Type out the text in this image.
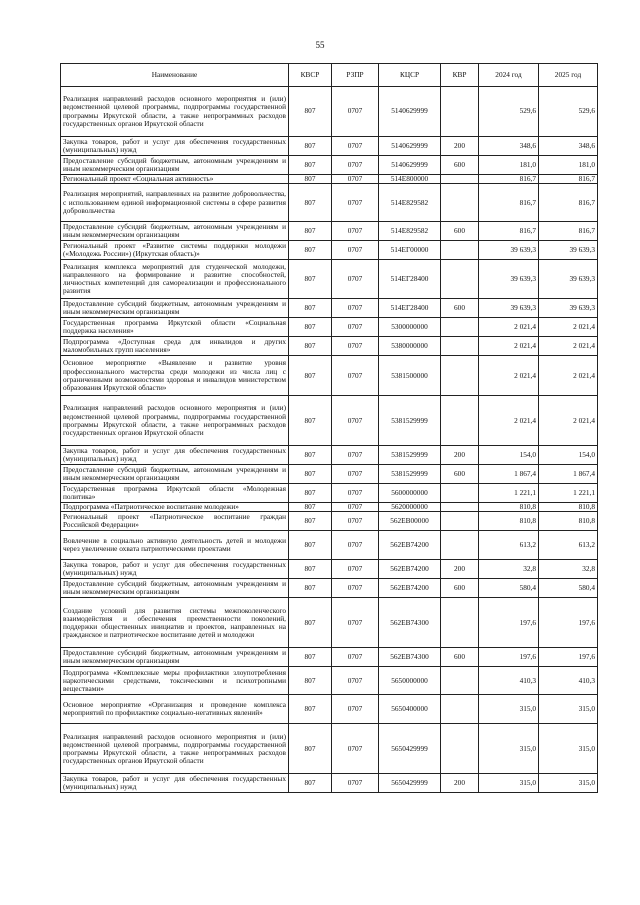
55
Наименование	КВСР	РЗПР	КЦСР	КВР	2024 год	2025 год
Реализация направлений расходов основного мероприятия и (или) ведомственной целевой программы, подпрограммы государственной программы Иркутской области, а также непрограммных расходов государственных органов Иркутской области	807	0707	5140629999		529,6	529,6
Закупка товаров, работ и услуг для обеспечения государственных (муниципальных) нужд	807	0707	5140629999	200	348,6	348,6
Предоставление субсидий бюджетным, автономным учреждениям и иным некоммерческим организациям	807	0707	5140629999	600	181,0	181,0
Региональный проект «Социальная активность»	807	0707	514Е800000		816,7	816,7
Реализация мероприятий, направленных на развитие добровольчества, с использованием единой информационной системы в сфере развития добровольчества	807	0707	514Е829582		816,7	816,7
Предоставление субсидий бюджетным, автономным учреждениям и иным некоммерческим организациям	807	0707	514Е829582	600	816,7	816,7
Региональный проект «Развитие системы поддержки молодежи («Молодежь России») (Иркутская область)»	807	0707	514ЕГ00000		39 639,3	39 639,3
Реализация комплекса мероприятий для студенческой молодежи, направленного на формирование и развитие способностей, личностных компетенций для самореализации и профессионального развития	807	0707	514ЕГ28400		39 639,3	39 639,3
Предоставление субсидий бюджетным, автономным учреждениям и иным некоммерческим организациям	807	0707	514ЕГ28400	600	39 639,3	39 639,3
Государственная программа Иркутской области «Социальная поддержка населения»	807	0707	5300000000		2 021,4	2 021,4
Подпрограмма «Доступная среда для инвалидов и других маломобильных групп населения»	807	0707	5380000000		2 021,4	2 021,4
Основное мероприятие «Выявление и развитие уровня профессионального мастерства среди молодежи из числа лиц с ограниченными возможностями здоровья и инвалидов министерством образования Иркутской области»	807	0707	5381500000		2 021,4	2 021,4
Реализация направлений расходов основного мероприятия и (или) ведомственной целевой программы, подпрограммы государственной программы Иркутской области, а также непрограммных расходов государственных органов Иркутской области	807	0707	5381529999		2 021,4	2 021,4
Закупка товаров, работ и услуг для обеспечения государственных (муниципальных) нужд	807	0707	5381529999	200	154,0	154,0
Предоставление субсидий бюджетным, автономным учреждениям и иным некоммерческим организациям	807	0707	5381529999	600	1 867,4	1 867,4
Государственная программа Иркутской области «Молодежная политика»	807	0707	5600000000		1 221,1	1 221,1
Подпрограмма «Патриотическое воспитание молодежи»	807	0707	5620000000		810,8	810,8
Региональный проект «Патриотическое воспитание граждан Российской Федерации»	807	0707	562ЕВ00000		810,8	810,8
Вовлечение в социально активную деятельность детей и молодежи через увеличение охвата патриотическими проектами	807	0707	562ЕВ74200		613,2	613,2
Закупка товаров, работ и услуг для обеспечения государственных (муниципальных) нужд	807	0707	562ЕВ74200	200	32,8	32,8
Предоставление субсидий бюджетным, автономным учреждениям и иным некоммерческим организациям	807	0707	562ЕВ74200	600	580,4	580,4
Создание условий для развития системы межпоколенческого взаимодействия и обеспечения преемственности поколений, поддержки общественных инициатив и проектов, направленных на гражданское и патриотическое воспитание детей и молодежи	807	0707	562ЕВ74300		197,6	197,6
Предоставление субсидий бюджетным, автономным учреждениям и иным некоммерческим организациям	807	0707	562ЕВ74300	600	197,6	197,6
Подпрограмма «Комплексные меры профилактики злоупотребления наркотическими средствами, токсическими и психотропными веществами»	807	0707	5650000000		410,3	410,3
Основное мероприятие «Организация и проведение комплекса мероприятий по профилактике социально-негативных явлений»	807	0707	5650400000		315,0	315,0
Реализация направлений расходов основного мероприятия и (или) ведомственной целевой программы, подпрограммы государственной программы Иркутской области, а также непрограммных расходов государственных органов Иркутской области	807	0707	5650429999		315,0	315,0
Закупка товаров, работ и услуг для обеспечения государственных (муниципальных) нужд	807	0707	5650429999	200	315,0	315,0
